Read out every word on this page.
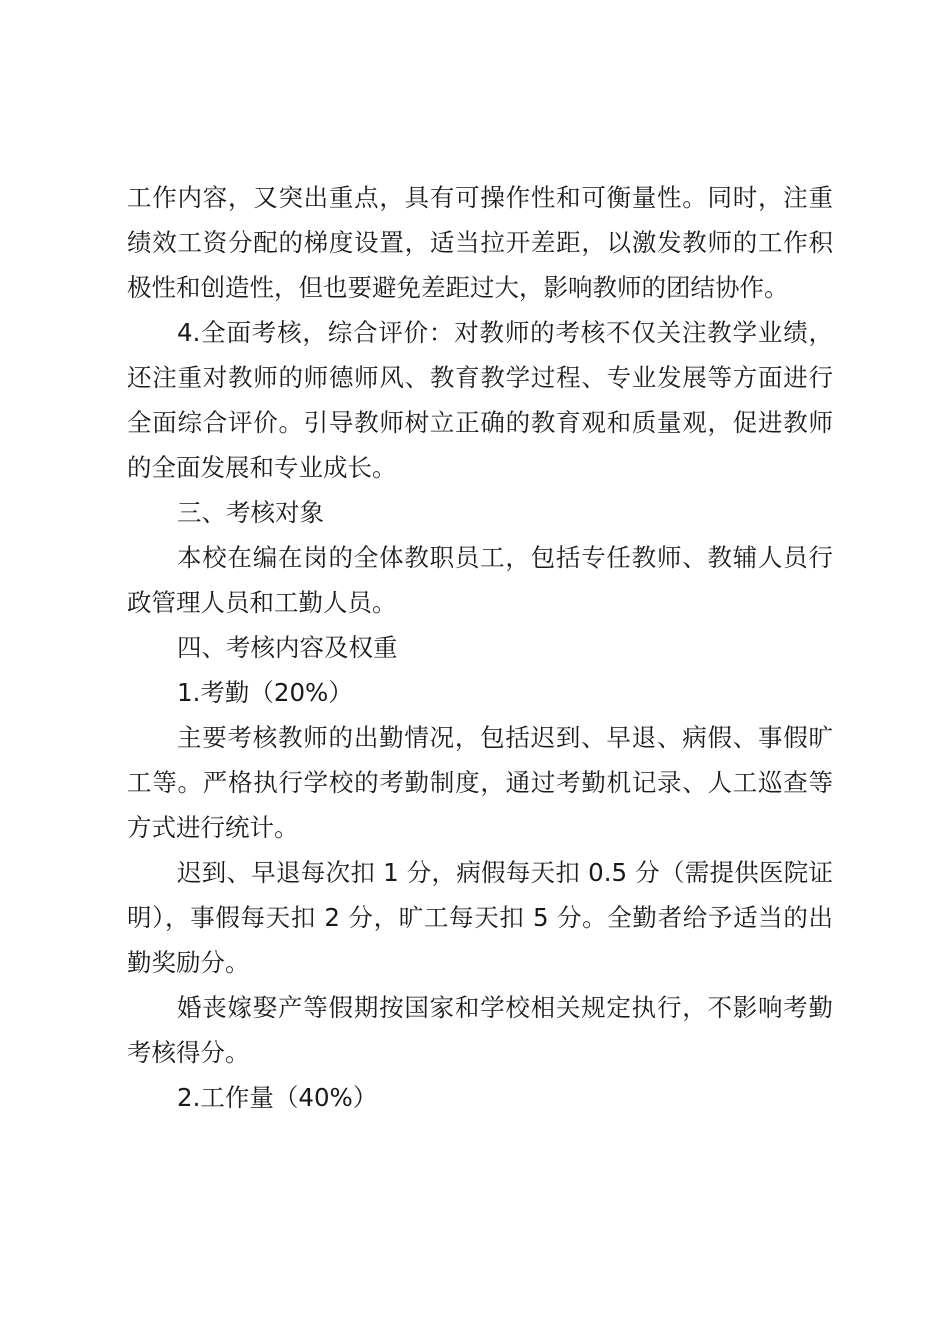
工作内容，又突出重点，具有可操作性和可衡量性。同时，注重绩效工资分配的梯度设置，适当拉开差距，以激发教师的工作积极性和创造性，但也要避免差距过大，影响教师的团结协作。

4.全面考核，综合评价：对教师的考核不仅关注教学业绩，还注重对教师的师德师风、教育教学过程、专业发展等方面进行全面综合评价。引导教师树立正确的教育观和质量观，促进教师的全面发展和专业成长。

三、考核对象

本校在编在岗的全体教职员工，包括专任教师、教辅人员行政管理人员和工勤人员。

四、考核内容及权重

1.考勤（20%）

主要考核教师的出勤情况，包括迟到、早退、病假、事假旷工等。严格执行学校的考勤制度，通过考勤机记录、人工巡查等方式进行统计。

迟到、早退每次扣 1 分，病假每天扣 0.5 分（需提供医院证明），事假每天扣 2 分，旷工每天扣 5 分。全勤者给予适当的出勤奖励分。

婚丧嫁娶产等假期按国家和学校相关规定执行，不影响考勤考核得分。

2.工作量（40%）
